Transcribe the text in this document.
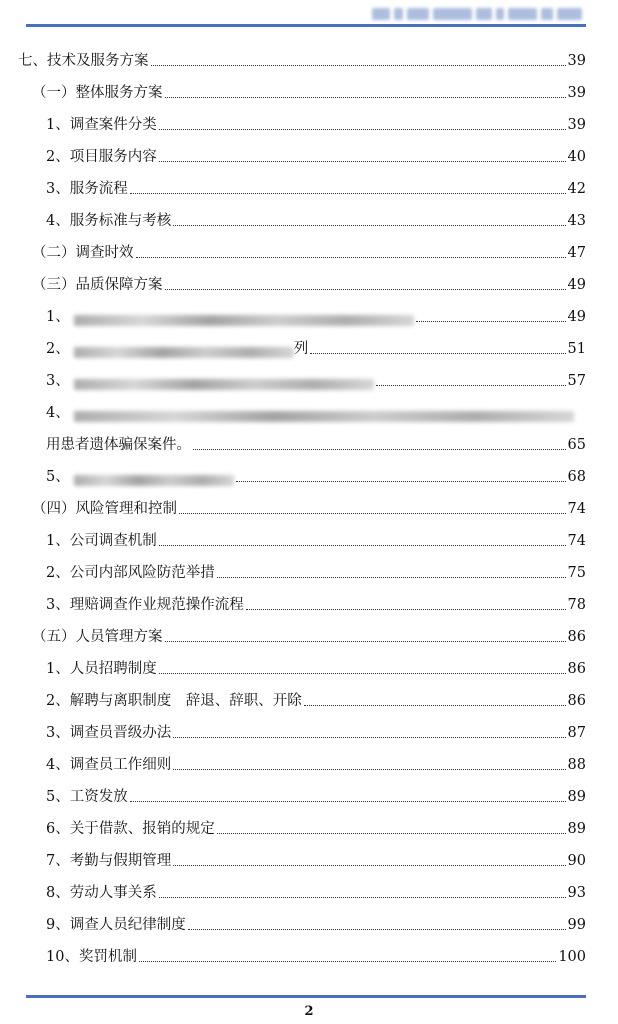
七、技术及服务方案	39
（一）整体服务方案	39
1、调查案件分类	39
2、项目服务内容	40
3、服务流程	42
4、服务标准与考核	43
（二）调查时效	47
（三）品质保障方案	49
1、	49
2、	列	51
3、	57
4、
用患者遗体骗保案件。	65
5、	68
（四）风险管理和控制	74
1、公司调查机制	74
2、公司内部风险防范举措	75
3、理赔调查作业规范操作流程	78
（五）人员管理方案	86
1、人员招聘制度	86
2、解聘与离职制度　辞退、辞职、开除	86
3、调查员晋级办法	87
4、调查员工作细则	88
5、工资发放	89
6、关于借款、报销的规定	89
7、考勤与假期管理	90
8、劳动人事关系	93
9、调查人员纪律制度	99
10、奖罚机制	100
2
